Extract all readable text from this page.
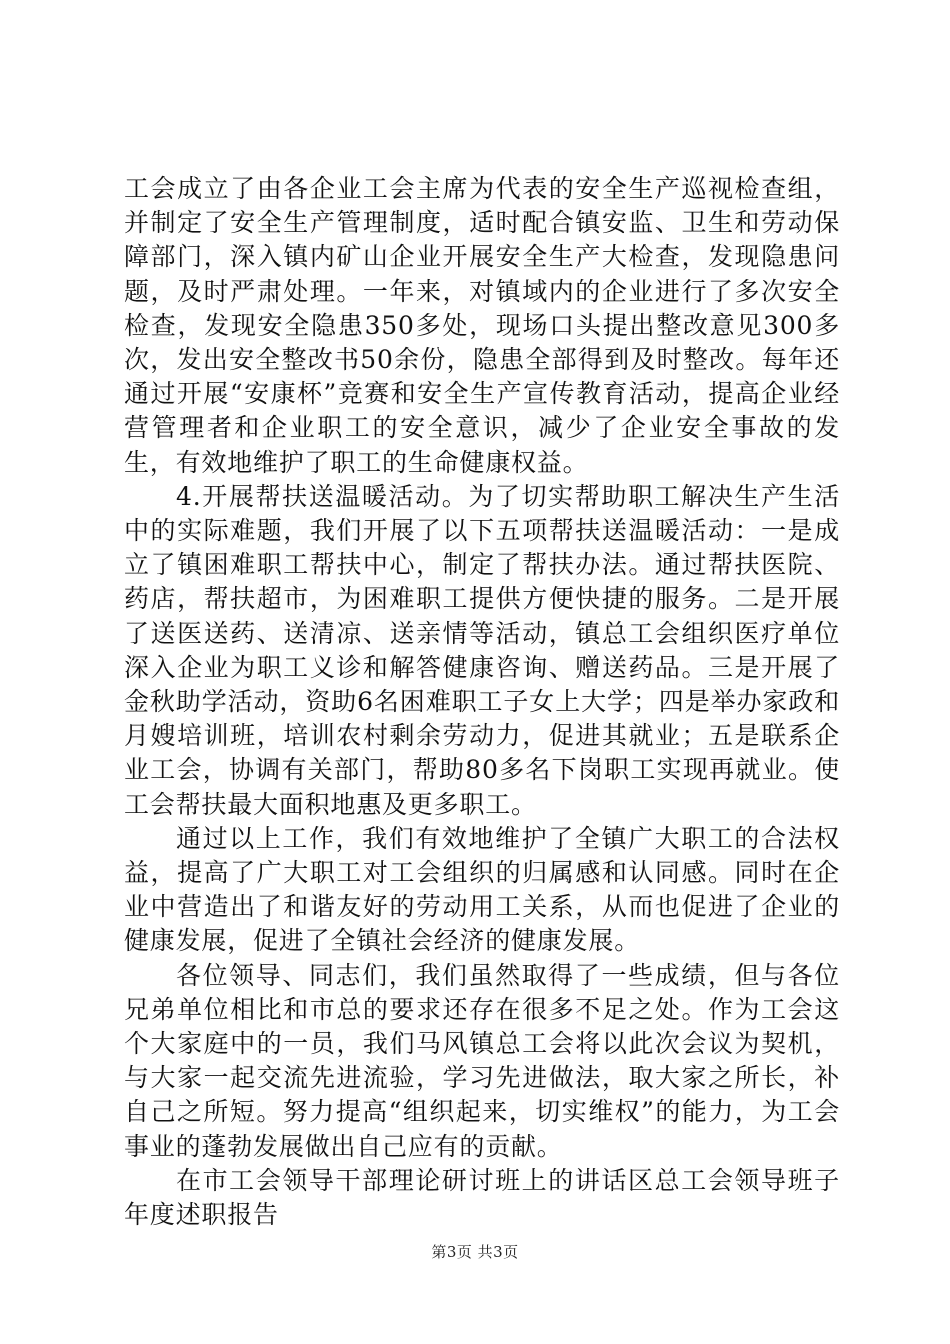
工会成立了由各企业工会主席为代表的安全生产巡视检查组，并制定了安全生产管理制度，适时配合镇安监、卫生和劳动保障部门，深入镇内矿山企业开展安全生产大检查，发现隐患问题，及时严肃处理。一年来，对镇域内的企业进行了多次安全检查，发现安全隐患350多处，现场口头提出整改意见300多次，发出安全整改书50余份，隐患全部得到及时整改。每年还通过开展“安康杯”竞赛和安全生产宣传教育活动，提高企业经营管理者和企业职工的安全意识，减少了企业安全事故的发生，有效地维护了职工的生命健康权益。

4.开展帮扶送温暖活动。为了切实帮助职工解决生产生活中的实际难题，我们开展了以下五项帮扶送温暖活动：一是成立了镇困难职工帮扶中心，制定了帮扶办法。通过帮扶医院、药店，帮扶超市，为困难职工提供方便快捷的服务。二是开展了送医送药、送清凉、送亲情等活动，镇总工会组织医疗单位深入企业为职工义诊和解答健康咨询、赠送药品。三是开展了金秋助学活动，资助6名困难职工子女上大学；四是举办家政和月嫂培训班，培训农村剩余劳动力，促进其就业；五是联系企业工会，协调有关部门，帮助80多名下岗职工实现再就业。使工会帮扶最大面积地惠及更多职工。

通过以上工作，我们有效地维护了全镇广大职工的合法权益，提高了广大职工对工会组织的归属感和认同感。同时在企业中营造出了和谐友好的劳动用工关系，从而也促进了企业的健康发展，促进了全镇社会经济的健康发展。

各位领导、同志们，我们虽然取得了一些成绩，但与各位兄弟单位相比和市总的要求还存在很多不足之处。作为工会这个大家庭中的一员，我们马风镇总工会将以此次会议为契机，与大家一起交流先进流验，学习先进做法，取大家之所长，补自己之所短。努力提高“组织起来，切实维权”的能力，为工会事业的蓬勃发展做出自己应有的贡献。

在市工会领导干部理论研讨班上的讲话区总工会领导班子年度述职报告

第3页 共3页
